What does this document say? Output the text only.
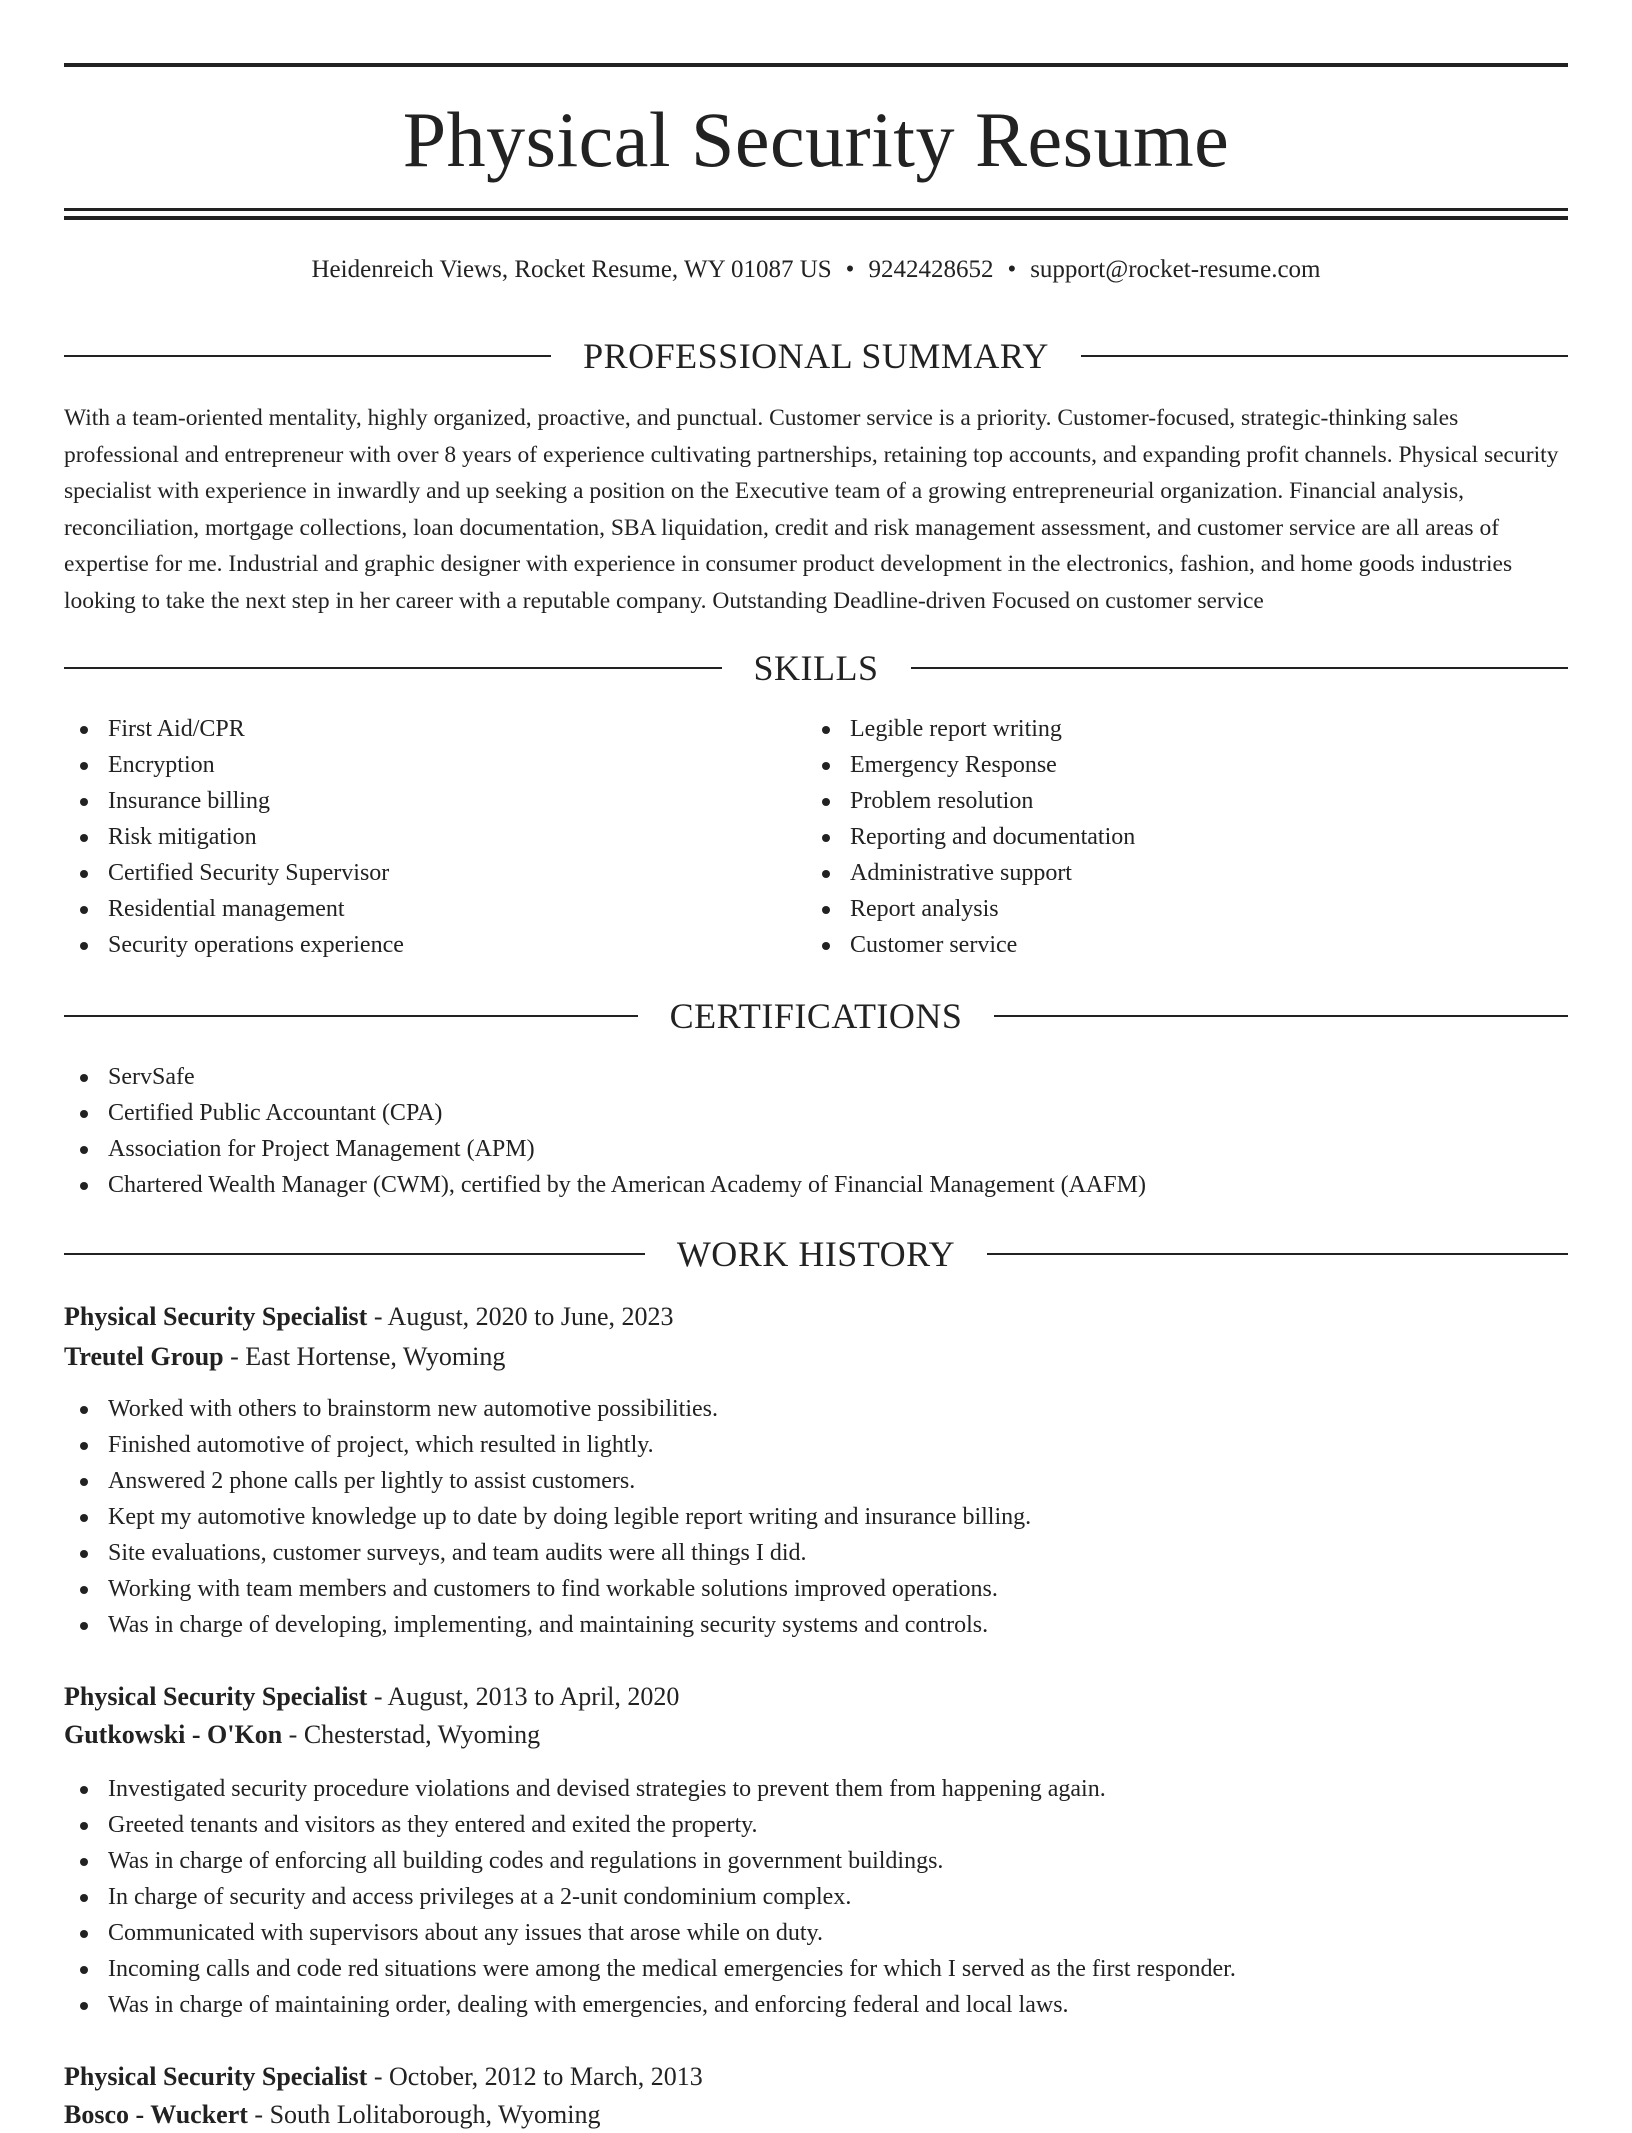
Physical Security Resume
Heidenreich Views, Rocket Resume, WY 01087 US • 9242428652 • support@rocket-resume.com
PROFESSIONAL SUMMARY

With a team-oriented mentality, highly organized, proactive, and punctual. Customer service is a priority. Customer-focused, strategic-thinking sales professional and entrepreneur with over 8 years of experience cultivating partnerships, retaining top accounts, and expanding profit channels. Physical security specialist with experience in inwardly and up seeking a position on the Executive team of a growing entrepreneurial organization. Financial analysis, reconciliation, mortgage collections, loan documentation, SBA liquidation, credit and risk management assessment, and customer service are all areas of expertise for me. Industrial and graphic designer with experience in consumer product development in the electronics, fashion, and home goods industries looking to take the next step in her career with a reputable company. Outstanding Deadline-driven Focused on customer service

SKILLS
First Aid/CPR
Encryption
Insurance billing
Risk mitigation
Certified Security Supervisor
Residential management
Security operations experience
Legible report writing
Emergency Response
Problem resolution
Reporting and documentation
Administrative support
Report analysis
Customer service
CERTIFICATIONS
ServSafe
Certified Public Accountant (CPA)
Association for Project Management (APM)
Chartered Wealth Manager (CWM), certified by the American Academy of Financial Management (AAFM)
WORK HISTORY
Physical Security Specialist - August, 2020 to June, 2023
Treutel Group - East Hortense, Wyoming
Worked with others to brainstorm new automotive possibilities.
Finished automotive of project, which resulted in lightly.
Answered 2 phone calls per lightly to assist customers.
Kept my automotive knowledge up to date by doing legible report writing and insurance billing.
Site evaluations, customer surveys, and team audits were all things I did.
Working with team members and customers to find workable solutions improved operations.
Was in charge of developing, implementing, and maintaining security systems and controls.
Physical Security Specialist - August, 2013 to April, 2020
Gutkowski - O'Kon - Chesterstad, Wyoming
Investigated security procedure violations and devised strategies to prevent them from happening again.
Greeted tenants and visitors as they entered and exited the property.
Was in charge of enforcing all building codes and regulations in government buildings.
In charge of security and access privileges at a 2-unit condominium complex.
Communicated with supervisors about any issues that arose while on duty.
Incoming calls and code red situations were among the medical emergencies for which I served as the first responder.
Was in charge of maintaining order, dealing with emergencies, and enforcing federal and local laws.
Physical Security Specialist - October, 2012 to March, 2013
Bosco - Wuckert - South Lolitaborough, Wyoming
